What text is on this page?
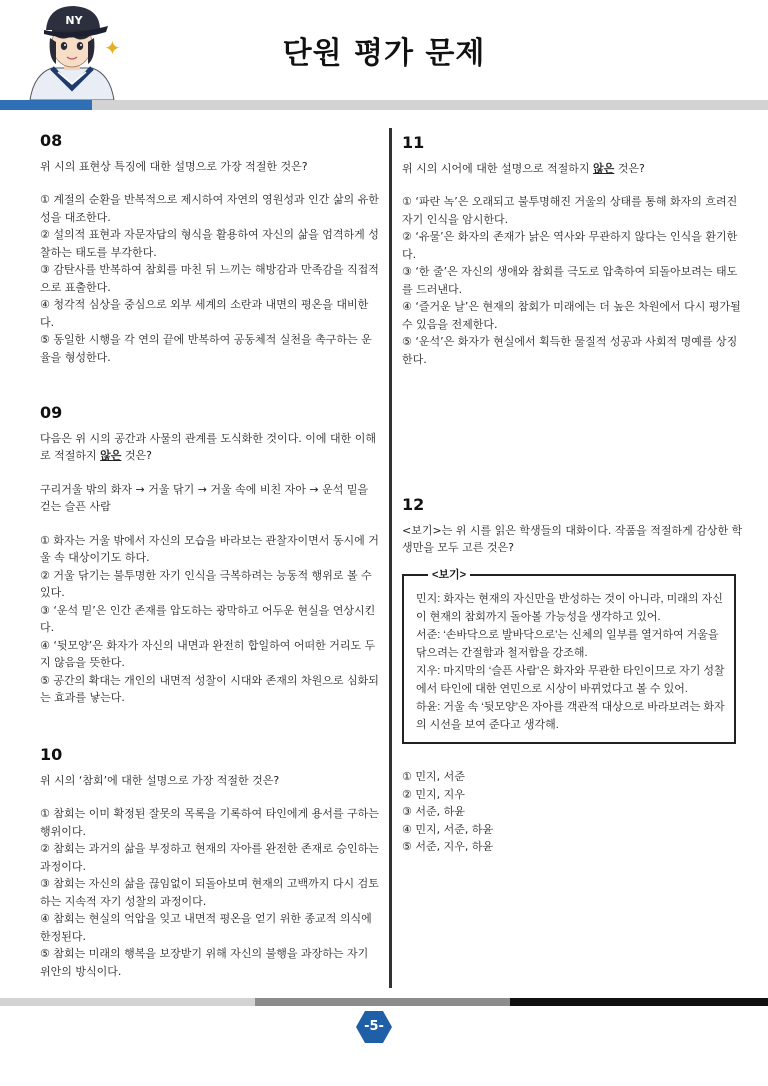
NY
✦	단원 평가 문제
08

위 시의 표현상 특징에 대한 설명으로 가장 적절한 것은?

① 계절의 순환을 반복적으로 제시하여 자연의 영원성과 인간 삶의 유한성을 대조한다.

② 설의적 표현과 자문자답의 형식을 활용하여 자신의 삶을 엄격하게 성찰하는 태도를 부각한다.

③ 감탄사를 반복하여 참회를 마친 뒤 느끼는 해방감과 만족감을 직접적으로 표출한다.

④ 청각적 심상을 중심으로 외부 세계의 소란과 내면의 평온을 대비한다.

⑤ 동일한 시행을 각 연의 끝에 반복하여 공동체적 실천을 촉구하는 운율을 형성한다.

09

다음은 위 시의 공간과 사물의 관계를 도식화한 것이다. 이에 대한 이해로 적절하지 않은 것은?

구리거울 밖의 화자 → 거울 닦기 → 거울 속에 비친 자아 → 운석 밑을 걷는 슬픈 사람

① 화자는 거울 밖에서 자신의 모습을 바라보는 관찰자이면서 동시에 거울 속 대상이기도 하다.

② 거울 닦기는 불투명한 자기 인식을 극복하려는 능동적 행위로 볼 수 있다.

③ ‘운석 밑’은 인간 존재를 압도하는 광막하고 어두운 현실을 연상시킨다.

④ ‘뒷모양’은 화자가 자신의 내면과 완전히 합일하여 어떠한 거리도 두지 않음을 뜻한다.

⑤ 공간의 확대는 개인의 내면적 성찰이 시대와 존재의 차원으로 심화되는 효과를 낳는다.

10

위 시의 ‘참회’에 대한 설명으로 가장 적절한 것은?

① 참회는 이미 확정된 잘못의 목록을 기록하여 타인에게 용서를 구하는 행위이다.

② 참회는 과거의 삶을 부정하고 현재의 자아를 완전한 존재로 승인하는 과정이다.

③ 참회는 자신의 삶을 끊임없이 되돌아보며 현재의 고백까지 다시 검토하는 지속적 자기 성찰의 과정이다.

④ 참회는 현실의 억압을 잊고 내면적 평온을 얻기 위한 종교적 의식에 한정된다.

⑤ 참회는 미래의 행복을 보장받기 위해 자신의 불행을 과장하는 자기 위안의 방식이다.

11

위 시의 시어에 대한 설명으로 적절하지 않은 것은?

① ‘파란 녹’은 오래되고 불투명해진 거울의 상태를 통해 화자의 흐려진 자기 인식을 암시한다.

② ‘유물’은 화자의 존재가 낡은 역사와 무관하지 않다는 인식을 환기한다.

③ ‘한 줄’은 자신의 생애와 참회를 극도로 압축하여 되돌아보려는 태도를 드러낸다.

④ ‘즐거운 날’은 현재의 참회가 미래에는 더 높은 차원에서 다시 평가될 수 있음을 전제한다.

⑤ ‘운석’은 화자가 현실에서 획득한 물질적 성공과 사회적 명예를 상징한다.

12

<보기>는 위 시를 읽은 학생들의 대화이다. 작품을 적절하게 감상한 학생만을 모두 고른 것은?

<보기>
민지: 화자는 현재의 자신만을 반성하는 것이 아니라, 미래의 자신이 현재의 참회까지 돌아볼 가능성을 생각하고 있어.
서준: ‘손바닥으로 발바닥으로’는 신체의 일부를 열거하여 거울을 닦으려는 간절함과 철저함을 강조해.
지우: 마지막의 ‘슬픈 사람’은 화자와 무관한 타인이므로 자기 성찰에서 타인에 대한 연민으로 시상이 바뀌었다고 볼 수 있어.
하윤: 거울 속 ‘뒷모양’은 자아를 객관적 대상으로 바라보려는 화자의 시선을 보여 준다고 생각해.

① 민지, 서준

② 민지, 지우

③ 서준, 하윤

④ 민지, 서준, 하윤

⑤ 서준, 지우, 하윤

-5-
